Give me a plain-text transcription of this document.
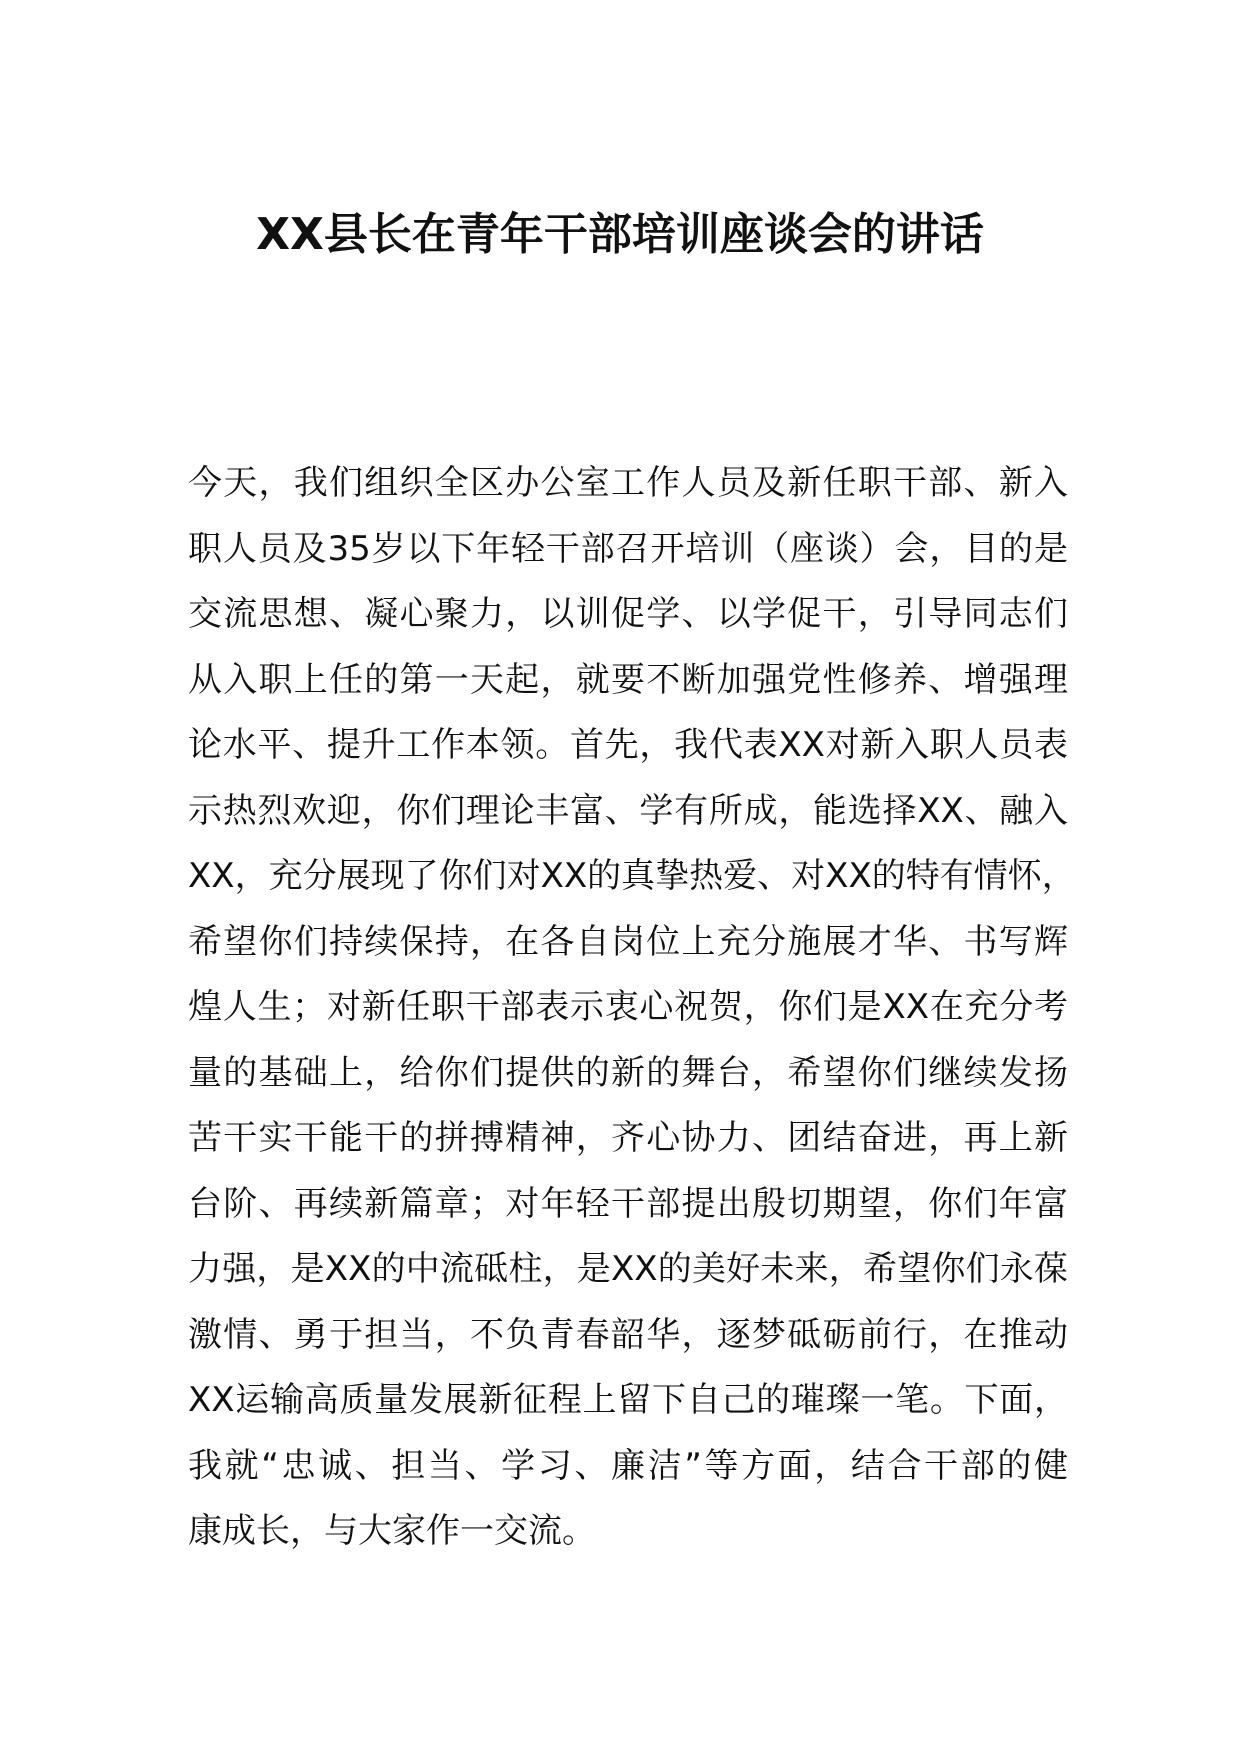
XX县长在青年干部培训座谈会的讲话
今天，我们组织全区办公室工作人员及新任职干部、新入
职人员及35岁以下年轻干部召开培训（座谈）会，目的是
交流思想、凝心聚力，以训促学、以学促干，引导同志们
从入职上任的第一天起，就要不断加强党性修养、增强理
论水平、提升工作本领。首先，我代表XX对新入职人员表
示热烈欢迎，你们理论丰富、学有所成，能选择XX、融入
XX，充分展现了你们对XX的真挚热爱、对XX的特有情怀，
希望你们持续保持，在各自岗位上充分施展才华、书写辉
煌人生；对新任职干部表示衷心祝贺，你们是XX在充分考
量的基础上，给你们提供的新的舞台，希望你们继续发扬
苦干实干能干的拼搏精神，齐心协力、团结奋进，再上新
台阶、再续新篇章；对年轻干部提出殷切期望，你们年富
力强，是XX的中流砥柱，是XX的美好未来，希望你们永葆
激情、勇于担当，不负青春韶华，逐梦砥砺前行，在推动
XX运输高质量发展新征程上留下自己的璀璨一笔。下面，
我就“忠诚、担当、学习、廉洁”等方面，结合干部的健
康成长，与大家作一交流。
